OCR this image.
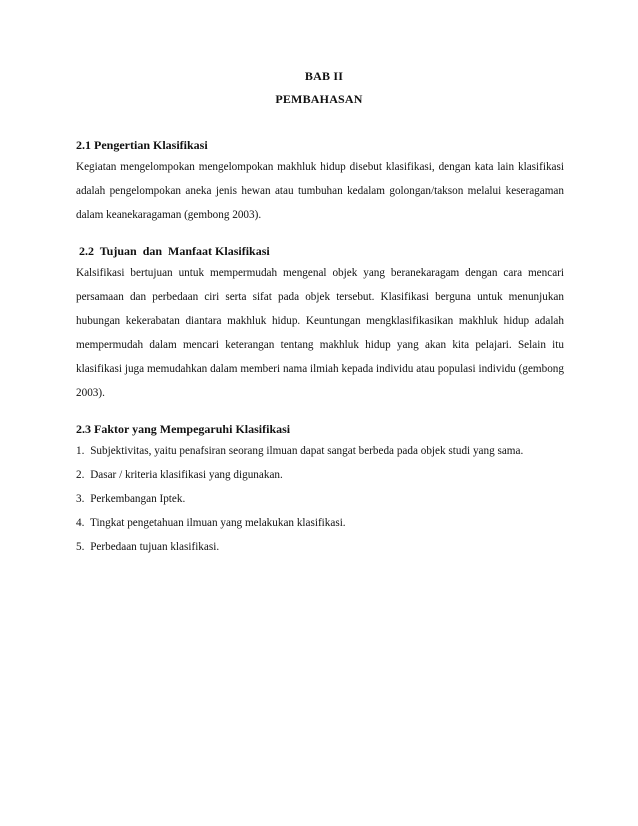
BAB II
PEMBAHASAN
2.1 Pengertian Klasifikasi

Kegiatan mengelompokan mengelompokan makhluk hidup disebut klasifikasi, dengan kata lain klasifikasi adalah pengelompokan aneka jenis hewan atau tumbuhan kedalam golongan/takson melalui keseragaman dalam keanekaragaman (gembong 2003).

2.2  Tujuan  dan  Manfaat Klasifikasi

Kalsifikasi bertujuan untuk mempermudah mengenal objek yang beranekaragam dengan cara mencari persamaan dan perbedaan ciri serta sifat pada objek tersebut. Klasifikasi berguna untuk menunjukan hubungan kekerabatan diantara makhluk hidup. Keuntungan mengklasifikasikan makhluk hidup adalah mempermudah dalam mencari keterangan tentang makhluk hidup yang akan kita pelajari. Selain itu klasifikasi juga memudahkan dalam memberi nama ilmiah kepada individu atau populasi individu (gembong 2003).

2.3 Faktor yang Mempegaruhi Klasifikasi
1. Subjektivitas, yaitu penafsiran seorang ilmuan dapat sangat berbeda pada objek studi yang sama.
2. Dasar / kriteria klasifikasi yang digunakan.
3. Perkembangan Iptek.
4. Tingkat pengetahuan ilmuan yang melakukan klasifikasi.
5. Perbedaan tujuan klasifikasi.
